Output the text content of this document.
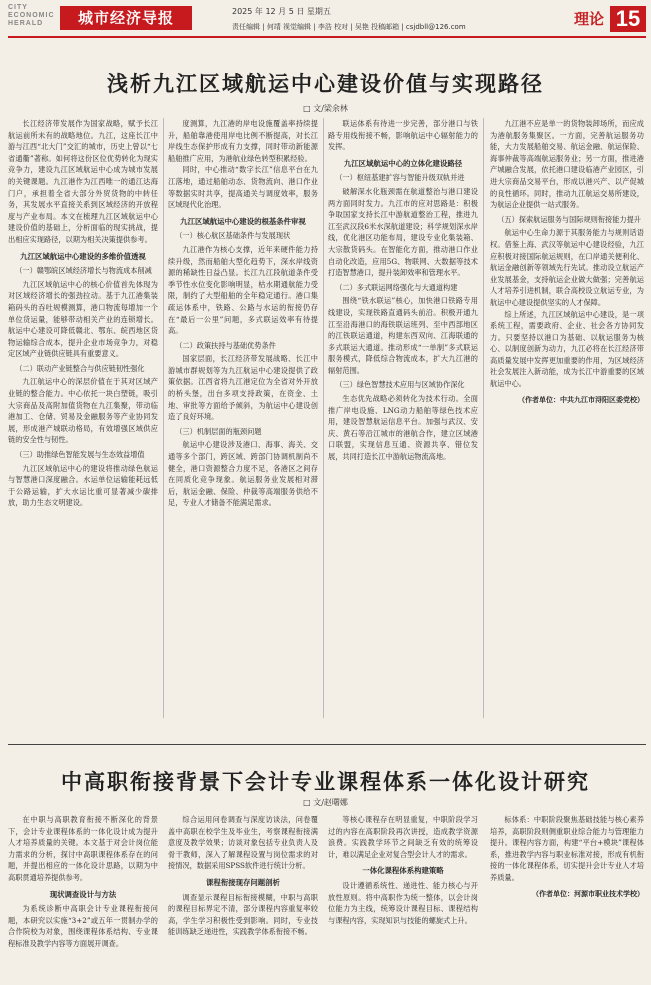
CITY
ECONOMIC
HERALD	城市经济导报	2025 年 12 月 5 日 星期五
责任编辑 | 何靖 视觉编辑 | 李浩 校对 | 吴艳 投稿邮箱 | csjdbll@126.com	理论 15
浅析九江区域航运中心建设价值与实现路径
□ 文/梁余林

长江经济带发展作为国家战略，赋予长江航运前所未有的战略地位。九江，这座长江中游与江西“北大门”交汇的城市，历史上曾以“七省通衢”著称。如何将这份区位优势转化为现实竞争力，建设九江区域航运中心成为城市发展的关键课题。九江港作为江西唯一的通江达海门户，承担着全省大部分外贸货物的中转任务，其发展水平直接关系到区域经济的开放程度与产业布局。本文在梳理九江区域航运中心建设价值的基础上，分析面临的现实挑战，提出相应实现路径，以期为相关决策提供参考。

九江区域航运中心建设的多维价值透视
（一）赣鄂皖区域经济增长与物流成本削减

九江区域航运中心的核心价值首先体现为对区域经济增长的强劲拉动。基于九江港集装箱码头的吞吐规模测算，港口物流每增加一个单位货运量，能够带动相关产业的连锁增长。航运中心建设可降低赣北、鄂东、皖西地区货物运输综合成本，提升企业市场竞争力，对稳定区域产业链供应链具有重要意义。

（二）联动产业链整合与供应链韧性强化

九江航运中心的深层价值在于其对区域产业链的整合能力。中心依托一块白塑链，吸引大宗商品及高附加值货物在九江集聚，带动临港加工、仓储、贸易及金融服务等产业协同发展，形成港产城联动格局，有效增强区域供应链的安全性与韧性。

（三）助推绿色智能发展与生态效益增值

九江区域航运中心的建设将推动绿色航运与智慧港口深度融合。水运单位运输能耗远低于公路运输，扩大水运比重可显著减少碳排放，助力生态文明建设。

度测算，九江港的岸电设施覆盖率持续提升，船舶靠港使用岸电比例不断提高，对长江岸线生态保护形成有力支撑，同时带动新能源船舶推广应用，为港航业绿色转型积累经验。

同时，中心推动“数字长江”信息平台在九江落地，通过船舶动态、货物流向、港口作业等数据实时共享，提高通关与调度效率，服务区域现代化治理。

九江区域航运中心建设的根基条件审视
（一）核心航区基础条件与发展现状

九江港作为核心支撑，近年来硬件能力持续升级，然而船舶大型化趋势下，深水岸线资源的稀缺性日益凸显。长江九江段航道条件受季节性水位变化影响明显，枯水期通航能力受限，制约了大型船舶的全年稳定通行。港口集疏运体系中，铁路、公路与水运的衔接仍存在“最后一公里”问题，多式联运效率有待提高。

（二）政策扶持与基础优势条件

国家层面，长江经济带发展战略、长江中游城市群规划等为九江航运中心建设提供了政策依据。江西省将九江港定位为全省对外开放的桥头堡，出台多项支持政策，在资金、土地、审批等方面给予倾斜，为航运中心建设创造了良好环境。

（三）机制层面的瓶颈问题

航运中心建设涉及港口、海事、海关、交通等多个部门，跨区域、跨部门协调机制尚不健全，港口资源整合力度不足，各港区之间存在同质化竞争现象。航运服务业发展相对滞后，航运金融、保险、仲裁等高端服务供给不足，专业人才储备不能满足需求。

联运体系有待进一步完善，部分港口与铁路专用线衔接不畅，影响航运中心辐射能力的发挥。

九江区域航运中心的立体化建设路径
（一）枢纽基建扩容与智能升级双轨并进

破解深水化瓶颈需在航道整治与港口建设两方面同时发力。九江市的应对思路是：积极争取国家支持长江中游航道整治工程，推进九江至武汉段6米水深航道建设；科学规划深水岸线，优化港区功能布局，建设专业化集装箱、大宗散货码头。在智能化方面，推动港口作业自动化改造，应用5G、物联网、大数据等技术打造智慧港口，提升装卸效率和管理水平。

（二）多式联运网络强化与大通道构建

围绕“铁水联运”核心，加快港口铁路专用线建设，实现铁路直通码头前沿。积极开通九江至沿海港口的海铁联运班列、至中西部地区的江铁联运通道，构建东西双向、江海联通的多式联运大通道。推动形成“一单制”多式联运服务模式，降低综合物流成本，扩大九江港的辐射范围。

（三）绿色智慧技术应用与区域协作深化

生态优先战略必须转化为技术行动。全面推广岸电设施、LNG动力船舶等绿色技术应用，建设智慧航运信息平台。加强与武汉、安庆、黄石等沿江城市的港航合作，建立区域港口联盟，实现信息互通、资源共享、错位发展，共同打造长江中游航运物流高地。

九江港不应是单一的货物装卸场所，而应成为港航服务集聚区。一方面，完善航运服务功能，大力发展船舶交易、航运金融、航运保险、海事仲裁等高端航运服务业；另一方面，推进港产城融合发展，依托港口建设临港产业园区，引进大宗商品交易平台，形成以港兴产、以产促城的良性循环。同时，推动九江航运交易所建设，为航运企业提供一站式服务。

（五）探索航运服务与国际规则衔接能力提升

航运中心生命力源于其服务能力与规则话语权。借鉴上海、武汉等航运中心建设经验，九江应积极对接国际航运规则，在口岸通关便利化、航运金融创新等领域先行先试。推动设立航运产业发展基金，支持航运企业做大做强；完善航运人才培养引进机制，联合高校设立航运专业，为航运中心建设提供坚实的人才保障。

综上所述，九江区域航运中心建设，是一项系统工程，需要政府、企业、社会各方协同发力。只要坚持以港口为基础、以航运服务为核心、以制度创新为动力，九江必将在长江经济带高质量发展中发挥更加重要的作用，为区域经济社会发展注入新动能，成为长江中游重要的区域航运中心。

（作者单位：中共九江市浔阳区委党校）
中高职衔接背景下会计专业课程体系一体化设计研究
□ 文/赵曙娜

在中职与高职教育衔接不断深化的背景下，会计专业课程体系的一体化设计成为提升人才培养质量的关键。本文基于对会计岗位能力需求的分析，探讨中高职课程体系存在的问题，并提出相应的一体化设计思路，以期为中高职贯通培养提供参考。

现状调查设计与方法

为系统诊断中高职会计专业课程衔接问题，本研究以实施“3+2”或五年一贯制办学的合作院校为对象，围绕课程体系结构、专业课程标准及教学内容等方面展开调查。

综合运用问卷调查与深度访谈法，问卷覆盖中高职在校学生及毕业生，考察课程衔接满意度及教学效果；访谈对象包括专业负责人及骨干教师，深入了解课程设置与岗位需求的对接情况，数据采用SPSS软件进行统计分析。

课程衔接现存问题剖析

调查显示课程目标衔接模糊，中职与高职的课程目标界定不清，部分课程内容重复率较高，学生学习积极性受到影响。同时，专业技能训练缺乏递进性，实践教学体系衔接不畅。

等核心课程存在明显重复，中职阶段学习过的内容在高职阶段再次讲授，造成教学资源浪费。实践教学环节之间缺乏有效的统筹设计，难以满足企业对复合型会计人才的需求。

一体化课程体系构建策略

设计遵循系统性、递进性、能力核心与开放性原则。将中高职作为统一整体，以会计岗位能力为主线，统筹设计课程目标、课程结构与课程内容，实现知识与技能的螺旋式上升。

标体系：中职阶段聚焦基础技能与核心素养培养，高职阶段则侧重职业综合能力与管理能力提升。课程内容方面，构建“平台+模块”课程体系，推进教学内容与职业标准对接，形成有机衔接的一体化课程体系，切实提升会计专业人才培养质量。

（作者单位：河源市职业技术学校）
